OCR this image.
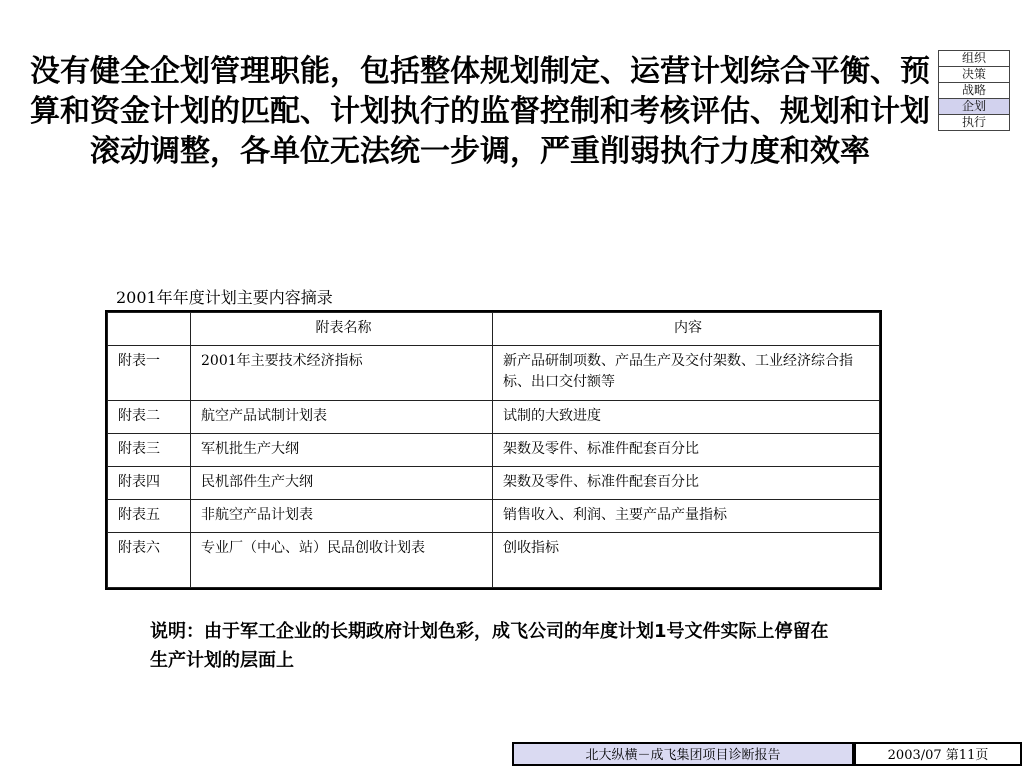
没有健全企划管理职能，包括整体规划制定、运营计划综合平衡、预算和资金计划的匹配、计划执行的监督控制和考核评估、规划和计划滚动调整，各单位无法统一步调，严重削弱执行力度和效率
组织
决策
战略
企划
执行
2001年年度计划主要内容摘录
	附表名称	内容
附表一	2001年主要技术经济指标	新产品研制项数、产品生产及交付架数、工业经济综合指标、出口交付额等
附表二	航空产品试制计划表	试制的大致进度
附表三	军机批生产大纲	架数及零件、标准件配套百分比
附表四	民机部件生产大纲	架数及零件、标准件配套百分比
附表五	非航空产品计划表	销售收入、利润、主要产品产量指标
附表六	专业厂（中心、站）民品创收计划表	创收指标
说明：由于军工企业的长期政府计划色彩，成飞公司的年度计划1号文件实际上停留在生产计划的层面上
北大纵横－成飞集团项目诊断报告	2003/07 第11页
